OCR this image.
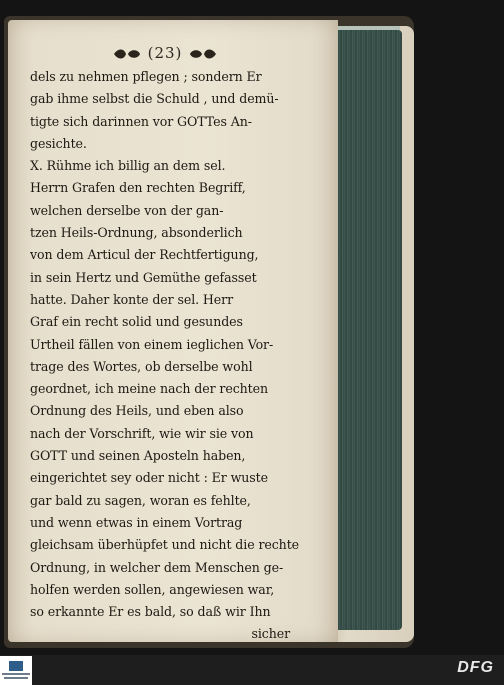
(23)
dels zu nehmen pflegen ; sondern Er
gab ihme selbst die Schuld , und demü-
tigte sich darinnen vor GOTTes An-
gesichte.
X. Rühme ich billig an dem sel.
Herrn Grafen den rechten Begriff,
welchen derselbe von der gan-
tzen Heils-Ordnung, absonderlich
von dem Articul der Rechtfertigung,
in sein Hertz und Gemüthe gefasset
hatte. Daher konte der sel. Herr
Graf ein recht solid und gesundes
Urtheil fällen von einem ieglichen Vor-
trage des Wortes, ob derselbe wohl
geordnet, ich meine nach der rechten
Ordnung des Heils, und eben also
nach der Vorschrift, wie wir sie von
GOTT und seinen Aposteln haben,
eingerichtet sey oder nicht : Er wuste
gar bald zu sagen, woran es fehlte,
und wenn etwas in einem Vortrag
gleichsam überhüpfet und nicht die rechte
Ordnung, in welcher dem Menschen ge-
holfen werden sollen, angewiesen war,
so erkannte Er es bald, so daß wir Ihn
sicher
DFG
